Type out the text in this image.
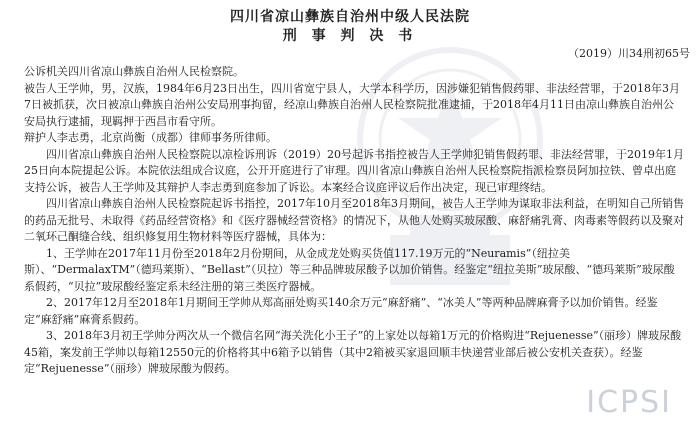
四川省凉山彝族自治州中级人民法院
刑 事 判 决 书
（2019）川34刑初65号

公诉机关四川省凉山彝族自治州人民检察院。

被告人王学帅，男，汉族，1984年6月23日出生，四川省宽宁县人，大学本科学历，因涉嫌犯销售假药罪、非法经营罪，于2018年3月7日被抓获，次日被凉山彝族自治州公安局刑事拘留，经凉山彝族自治州人民检察院批准逮捕，于2018年4月11日由凉山彝族自治州公安局执行逮捕，现羁押于西昌市看守所。

辩护人李志勇，北京尚衡（成都）律师事务所律师。

四川省凉山彝族自治州人民检察院以凉检诉刑诉（2019）20号起诉书指控被告人王学帅犯销售假药罪、非法经营罪，于2019年1月25日向本院提起公诉。本院依法组成合议庭，公开开庭进行了审理。四川省凉山彝族自治州人民检察院指派检察员阿加拉铁、曾卓出庭支持公诉，被告人王学帅及其辩护人李志勇到庭参加了诉讼。本案经合议庭评议后作出决定，现已审理终结。

四川省凉山彝族自治州人民检察院起诉书指控，2017年10月至2018年3月期间，被告人王学帅为谋取非法利益，在明知自己所销售的药品无批号、未取得《药品经营资格》和《医疗器械经营资格》的情况下，从他人处购买玻尿酸、麻舒痛乳膏、肉毒素等假药以及聚对二氧环己酮缝合线、组织修复用生物材料等医疗器械，具体为：

1、王学帅在2017年11月份至2018年2月份期间，从金成龙处购买货值117.19万元的“Neuramis”（纽拉美斯）、“DermalaxTM”（德玛莱斯）、“Bellast”（贝拉）等三种品牌玻尿酸予以加价销售。经鉴定“纽拉美斯”玻尿酸、“德玛莱斯”玻尿酸系假药，“贝拉”玻尿酸经鉴定系未经注册的第三类医疗器械。

2、2017年12月至2018年1月期间王学帅从郑高丽处购买140余万元“麻舒痛”、“冰美人”等两种品牌麻膏予以加价销售。经鉴定“麻舒痛”麻膏系假药。

3、2018年3月初王学帅分两次从一个微信名网“海关洗化小王子”的上家处以每箱1万元的价格购进“Rejuenesse”（丽珍）牌玻尿酸45箱，案发前王学帅以每箱12550元的价格将其中6箱予以销售（其中2箱被买家退回顺丰快递营业部后被公安机关查获）。经鉴定“Rejuenesse”（丽珍）牌玻尿酸为假药。

ICPSI
